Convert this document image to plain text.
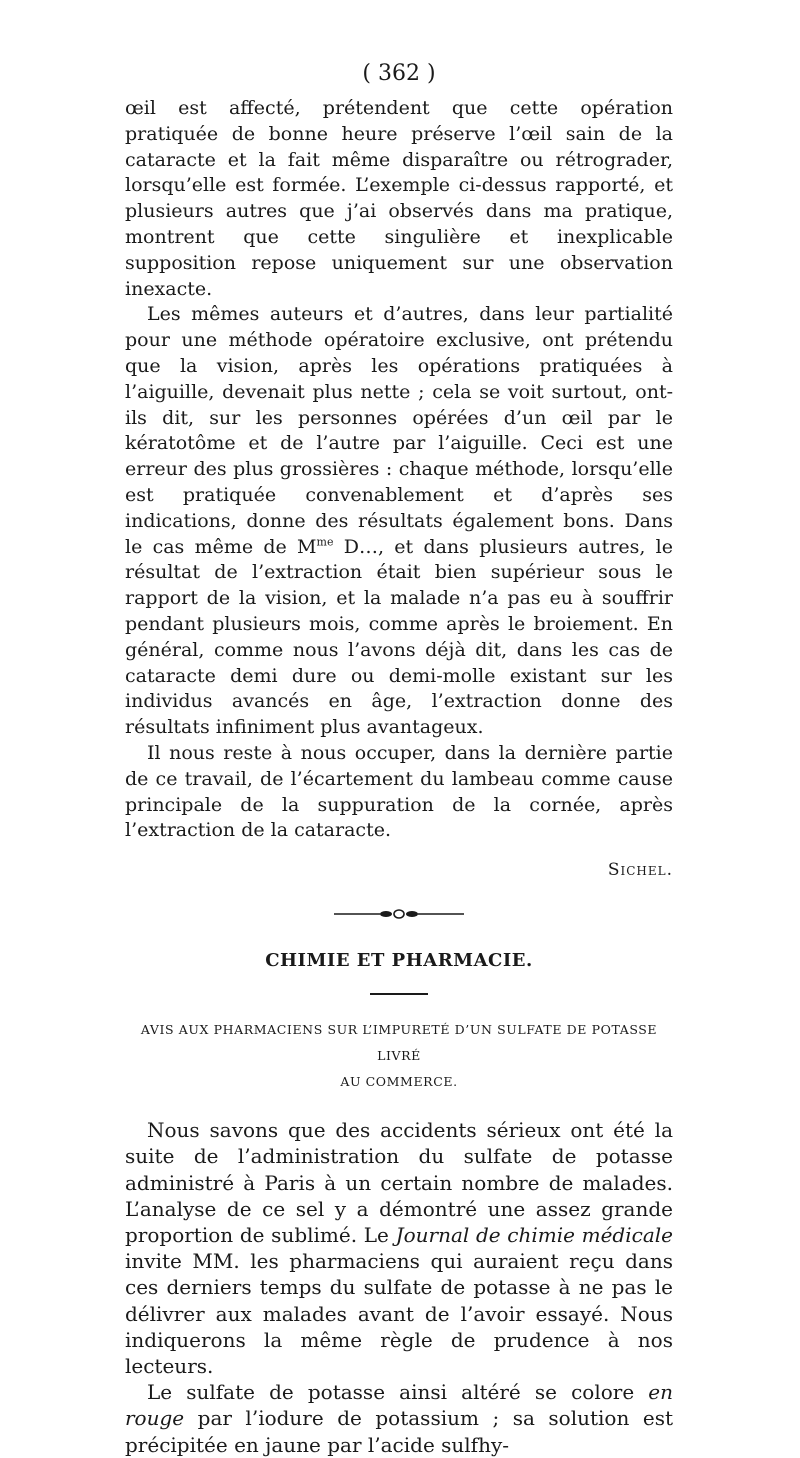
( 362 )

œil est affecté, prétendent que cette opération pratiquée de bonne heure préserve l’œil sain de la cataracte et la fait même disparaître ou rétrograder, lorsqu’elle est formée. L’exemple ci-dessus rapporté, et plusieurs autres que j’ai observés dans ma pratique, montrent que cette singulière et inexplicable supposition repose uniquement sur une observation inexacte.

Les mêmes auteurs et d’autres, dans leur partialité pour une méthode opératoire exclusive, ont prétendu que la vision, après les opérations pratiquées à l’aiguille, devenait plus nette ; cela se voit surtout, ont-ils dit, sur les personnes opérées d’un œil par le kératotôme et de l’autre par l’aiguille. Ceci est une erreur des plus grossières : chaque méthode, lorsqu’elle est pratiquée convenablement et d’après ses indications, donne des résultats également bons. Dans le cas même de $M^{me}$ D…, et dans plusieurs autres, le résultat de l’extraction était bien supérieur sous le rapport de la vision, et la malade n’a pas eu à souffrir pendant plusieurs mois, comme après le broiement. En général, comme nous l’avons déjà dit, dans les cas de cataracte demi dure ou demi-molle existant sur les individus avancés en âge, l’extraction donne des résultats infiniment plus avantageux.

Il nous reste à nous occuper, dans la dernière partie de ce travail, de l’écartement du lambeau comme cause principale de la suppuration de la cornée, après l’extraction de la cataracte.

Sichel.
CHIMIE ET PHARMACIE.
AVIS AUX PHARMACIENS SUR L’IMPURETÉ D’UN SULFATE DE POTASSE LIVRÉ
AU COMMERCE.

Nous savons que des accidents sérieux ont été la suite de l’administration du sulfate de potasse administré à Paris à un certain nombre de malades. L’analyse de ce sel y a démontré une assez grande proportion de sublimé. Le Journal de chimie médicale invite MM. les pharmaciens qui auraient reçu dans ces derniers temps du sulfate de potasse à ne pas le délivrer aux malades avant de l’avoir essayé. Nous indiquerons la même règle de prudence à nos lecteurs.

Le sulfate de potasse ainsi altéré se colore en rouge par l’iodure de potassium ; sa solution est précipitée en jaune par l’acide sulfhy-
